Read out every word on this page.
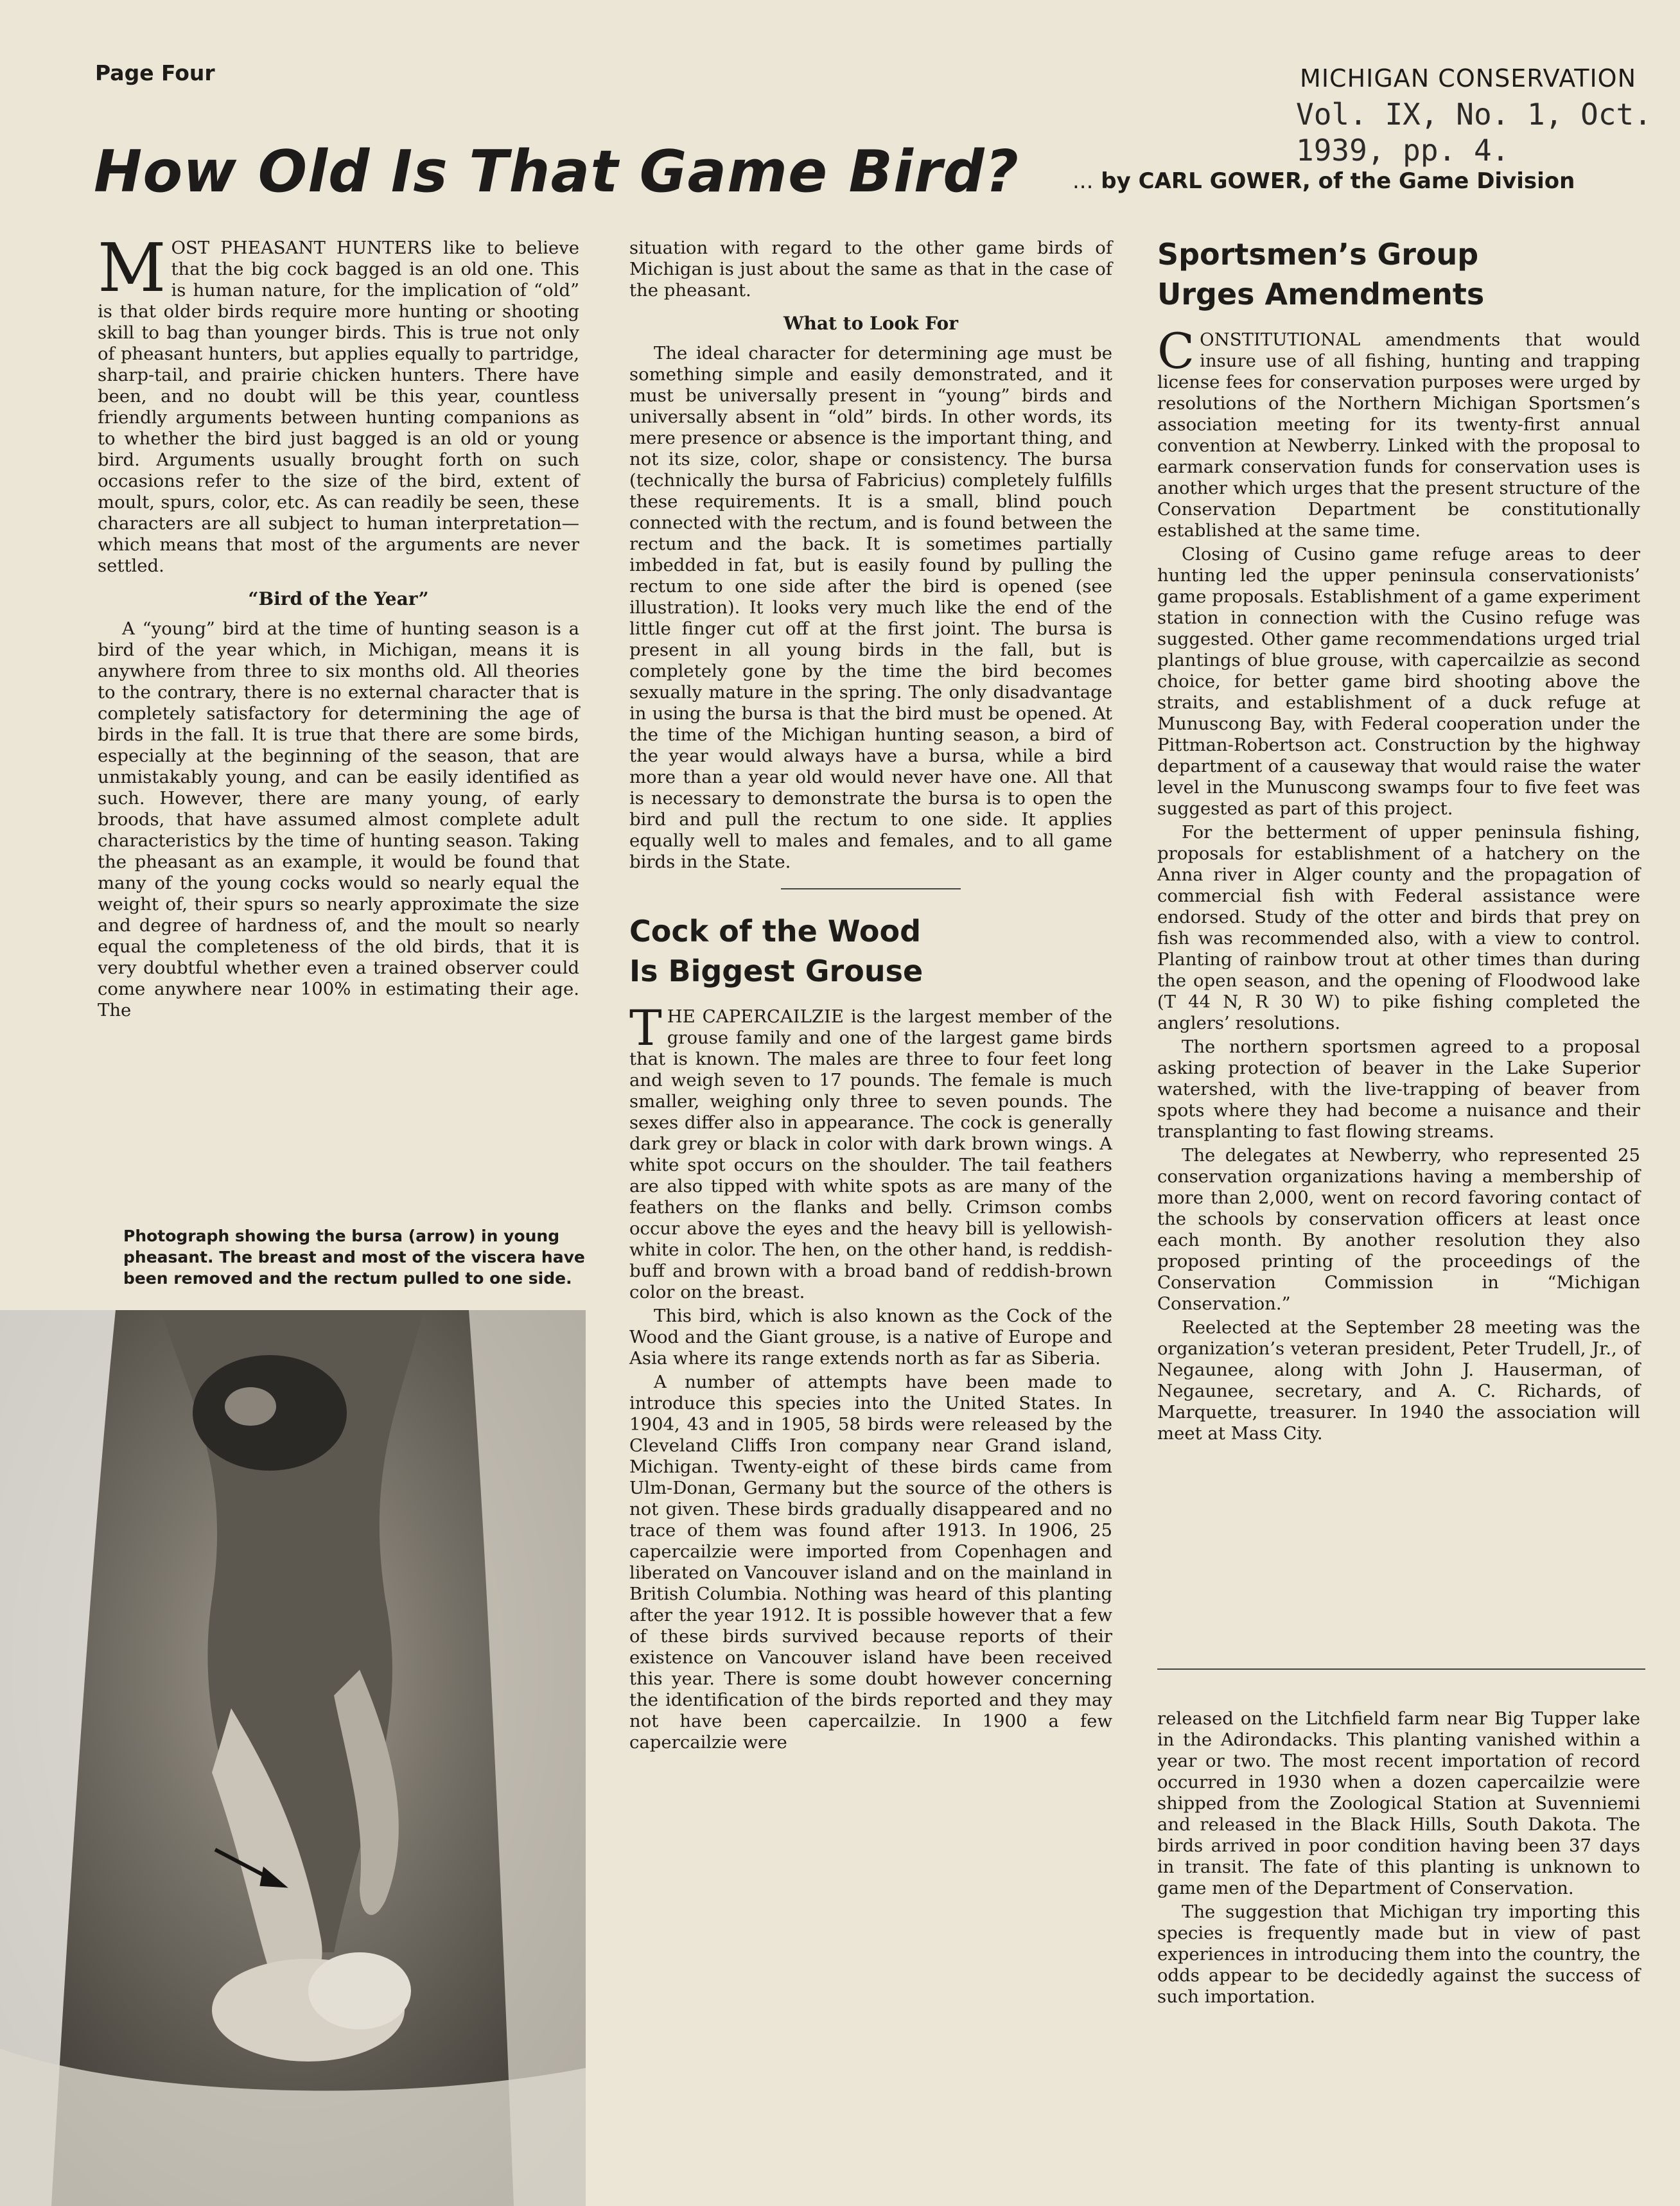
Page Four	MICHIGAN CONSERVATION
Vol. IX, No. 1, Oct.
1939, pp. 4.
How Old Is That Game Bird? ... by CARL GOWER, of the Game Division

MOST PHEASANT HUNTERS like to believe that the big cock bagged is an old one. This is human nature, for the implication of “old” is that older birds require more hunting or shooting skill to bag than younger birds. This is true not only of pheasant hunters, but applies equally to partridge, sharp-tail, and prairie chicken hunters. There have been, and no doubt will be this year, countless friendly arguments between hunting companions as to whether the bird just bagged is an old or young bird. Arguments usually brought forth on such occasions refer to the size of the bird, extent of moult, spurs, color, etc. As can readily be seen, these characters are all subject to human interpretation—which means that most of the arguments are never settled.

“Bird of the Year”

A “young” bird at the time of hunting season is a bird of the year which, in Michigan, means it is anywhere from three to six months old. All theories to the contrary, there is no external character that is completely satisfactory for determining the age of birds in the fall. It is true that there are some birds, especially at the beginning of the season, that are unmistakably young, and can be easily identified as such. However, there are many young, of early broods, that have assumed almost complete adult characteristics by the time of hunting season. Taking the pheasant as an example, it would be found that many of the young cocks would so nearly equal the weight of, their spurs so nearly approximate the size and degree of hardness of, and the moult so nearly equal the completeness of the old birds, that it is very doubtful whether even a trained observer could come anywhere near 100% in estimating their age. The

Photograph showing the bursa (arrow) in young pheasant. The breast and most of the viscera have been removed and the rectum pulled to one side.

situation with regard to the other game birds of Michigan is just about the same as that in the case of the pheasant.

What to Look For

The ideal character for determining age must be something simple and easily demonstrated, and it must be universally present in “young” birds and universally absent in “old” birds. In other words, its mere presence or absence is the important thing, and not its size, color, shape or consistency. The bursa (technically the bursa of Fabricius) completely fulfills these requirements. It is a small, blind pouch connected with the rectum, and is found between the rectum and the back. It is sometimes partially imbedded in fat, but is easily found by pulling the rectum to one side after the bird is opened (see illustration). It looks very much like the end of the little finger cut off at the first joint. The bursa is present in all young birds in the fall, but is completely gone by the time the bird becomes sexually mature in the spring. The only disadvantage in using the bursa is that the bird must be opened. At the time of the Michigan hunting season, a bird of the year would always have a bursa, while a bird more than a year old would never have one. All that is necessary to demonstrate the bursa is to open the bird and pull the rectum to one side. It applies equally well to males and females, and to all game birds in the State.

Cock of the Wood
Is Biggest Grouse

THE CAPERCAILZIE is the largest member of the grouse family and one of the largest game birds that is known. The males are three to four feet long and weigh seven to 17 pounds. The female is much smaller, weighing only three to seven pounds. The sexes differ also in appearance. The cock is generally dark grey or black in color with dark brown wings. A white spot occurs on the shoulder. The tail feathers are also tipped with white spots as are many of the feathers on the flanks and belly. Crimson combs occur above the eyes and the heavy bill is yellowish-white in color. The hen, on the other hand, is reddish-buff and brown with a broad band of reddish-brown color on the breast.

This bird, which is also known as the Cock of the Wood and the Giant grouse, is a native of Europe and Asia where its range extends north as far as Siberia.

A number of attempts have been made to introduce this species into the United States. In 1904, 43 and in 1905, 58 birds were released by the Cleveland Cliffs Iron company near Grand island, Michigan. Twenty-eight of these birds came from Ulm-Donan, Germany but the source of the others is not given. These birds gradually disappeared and no trace of them was found after 1913. In 1906, 25 capercailzie were imported from Copenhagen and liberated on Vancouver island and on the mainland in British Columbia. Nothing was heard of this planting after the year 1912. It is possible however that a few of these birds survived because reports of their existence on Vancouver island have been received this year. There is some doubt however concerning the identification of the birds reported and they may not have been capercailzie. In 1900 a few capercailzie were

Sportsmen’s Group
Urges Amendments

CONSTITUTIONAL amendments that would insure use of all fishing, hunting and trapping license fees for conservation purposes were urged by resolutions of the Northern Michigan Sportsmen’s association meeting for its twenty-first annual convention at Newberry. Linked with the proposal to earmark conservation funds for conservation uses is another which urges that the present structure of the Conservation Department be constitutionally established at the same time.

Closing of Cusino game refuge areas to deer hunting led the upper peninsula conservationists’ game proposals. Establishment of a game experiment station in connection with the Cusino refuge was suggested. Other game recommendations urged trial plantings of blue grouse, with capercailzie as second choice, for better game bird shooting above the straits, and establishment of a duck refuge at Munuscong Bay, with Federal cooperation under the Pittman-Robertson act. Construction by the highway department of a causeway that would raise the water level in the Munuscong swamps four to five feet was suggested as part of this project.

For the betterment of upper peninsula fishing, proposals for establishment of a hatchery on the Anna river in Alger county and the propagation of commercial fish with Federal assistance were endorsed. Study of the otter and birds that prey on fish was recommended also, with a view to control. Planting of rainbow trout at other times than during the open season, and the opening of Floodwood lake (T 44 N, R 30 W) to pike fishing completed the anglers’ resolutions.

The northern sportsmen agreed to a proposal asking protection of beaver in the Lake Superior watershed, with the live-trapping of beaver from spots where they had become a nuisance and their transplanting to fast flowing streams.

The delegates at Newberry, who represented 25 conservation organizations having a membership of more than 2,000, went on record favoring contact of the schools by conservation officers at least once each month. By another resolution they also proposed printing of the proceedings of the Conservation Commission in “Michigan Conservation.”

Reelected at the September 28 meeting was the organization’s veteran president, Peter Trudell, Jr., of Negaunee, along with John J. Hauserman, of Negaunee, secretary, and A. C. Richards, of Marquette, treasurer. In 1940 the association will meet at Mass City.

released on the Litchfield farm near Big Tupper lake in the Adirondacks. This planting vanished within a year or two. The most recent importation of record occurred in 1930 when a dozen capercailzie were shipped from the Zoological Station at Suvenniemi and released in the Black Hills, South Dakota. The birds arrived in poor condition having been 37 days in transit. The fate of this planting is unknown to game men of the Department of Conservation.

The suggestion that Michigan try importing this species is frequently made but in view of past experiences in introducing them into the country, the odds appear to be decidedly against the success of such importation.
